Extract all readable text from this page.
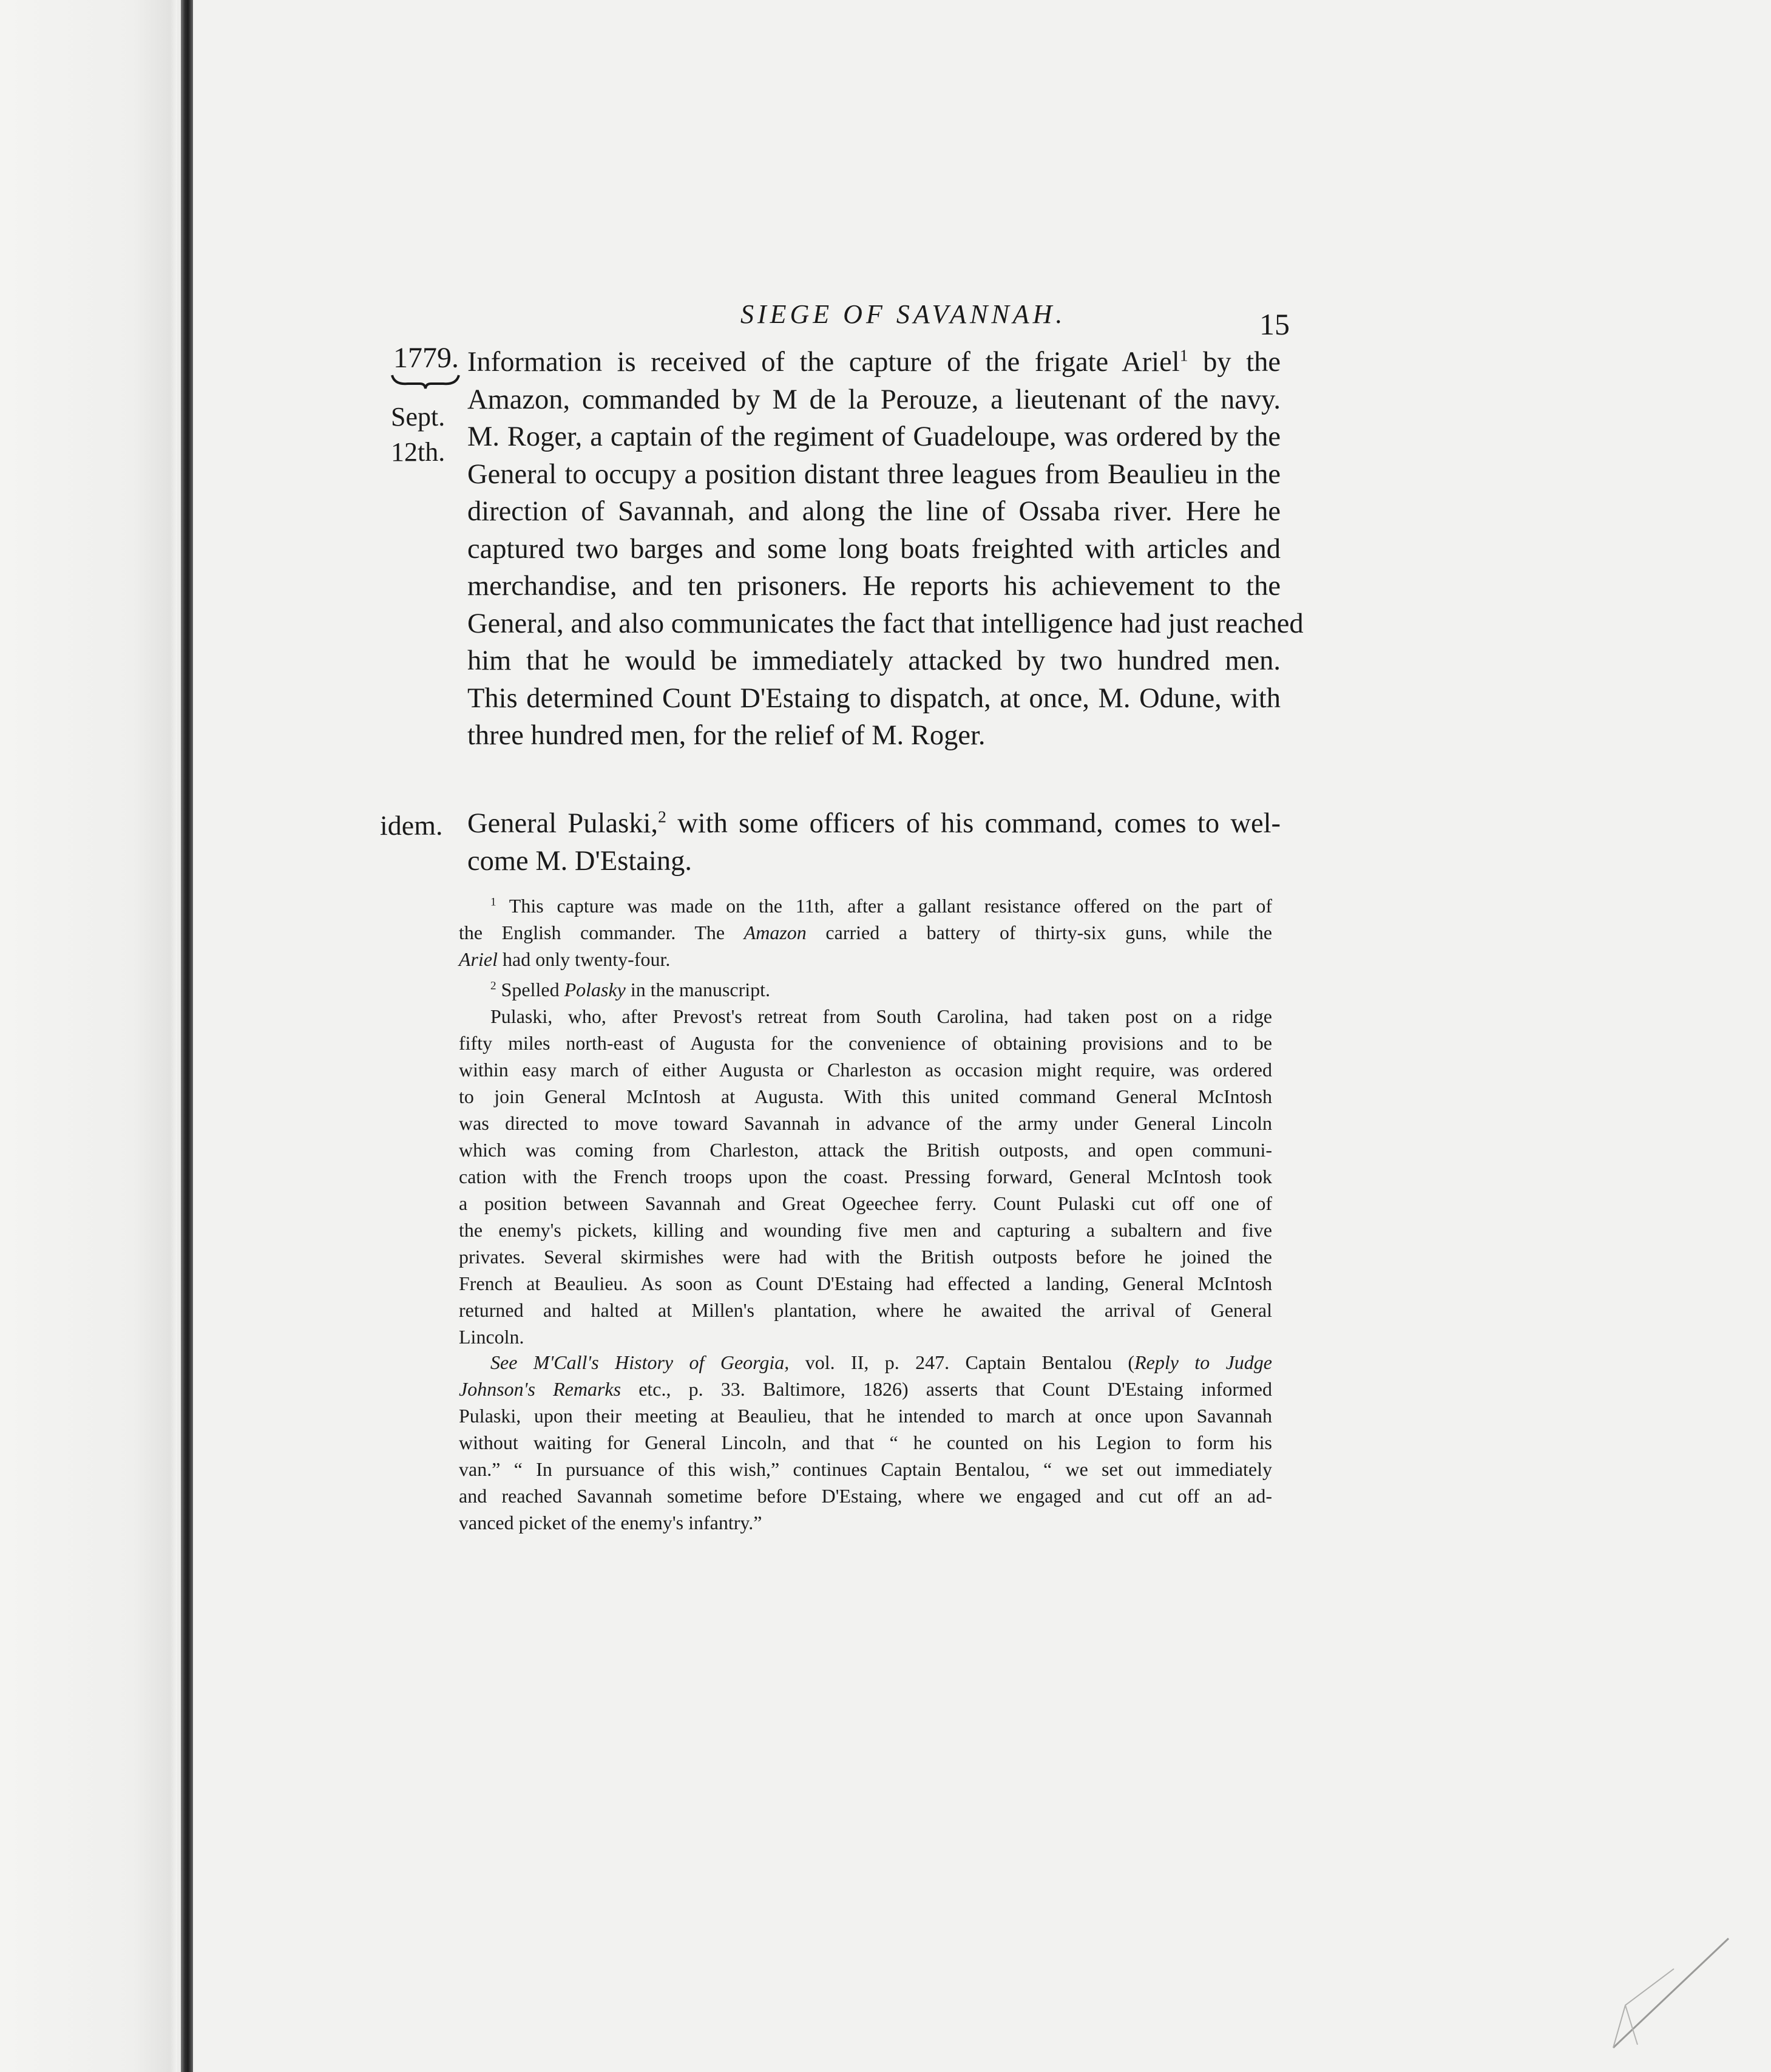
SIEGE OF SAVANNAH.	15
1779.
Sept.
12th.
idem.
Information is received of the capture of the frigate Ariel$^1$ by the
Amazon, commanded by M de la Perouze, a lieutenant of the navy.
M. Roger, a captain of the regiment of Guadeloupe, was ordered by the
General to occupy a position distant three leagues from Beaulieu in the
direction of Savannah, and along the line of Ossaba river. Here he
captured two barges and some long boats freighted with articles and
merchandise, and ten prisoners. He reports his achievement to the
General, and also communicates the fact that intelligence had just reached
him that he would be immediately attacked by two hundred men.
This determined Count D'Estaing to dispatch, at once, M. Odune, with
three hundred men, for the relief of M. Roger.
General Pulaski,$^2$ with some officers of his command, comes to wel-
come M. D'Estaing.
$^1$ This capture was made on the 11th, after a gallant resistance offered on the part of
the English commander. The Amazon carried a battery of thirty-six guns, while the
Ariel had only twenty-four.
$^2$ Spelled Polasky in the manuscript.
Pulaski, who, after Prevost's retreat from South Carolina, had taken post on a ridge
fifty miles north-east of Augusta for the convenience of obtaining provisions and to be
within easy march of either Augusta or Charleston as occasion might require, was ordered
to join General McIntosh at Augusta. With this united command General McIntosh
was directed to move toward Savannah in advance of the army under General Lincoln
which was coming from Charleston, attack the British outposts, and open communi-
cation with the French troops upon the coast. Pressing forward, General McIntosh took
a position between Savannah and Great Ogeechee ferry. Count Pulaski cut off one of
the enemy's pickets, killing and wounding five men and capturing a subaltern and five
privates. Several skirmishes were had with the British outposts before he joined the
French at Beaulieu. As soon as Count D'Estaing had effected a landing, General McIntosh
returned and halted at Millen's plantation, where he awaited the arrival of General
Lincoln.
See M'Call's History of Georgia, vol. II, p. 247. Captain Bentalou (Reply to Judge
Johnson's Remarks etc., p. 33. Baltimore, 1826) asserts that Count D'Estaing informed
Pulaski, upon their meeting at Beaulieu, that he intended to march at once upon Savannah
without waiting for General Lincoln, and that “ he counted on his Legion to form his
van.” “ In pursuance of this wish,” continues Captain Bentalou, “ we set out immediately
and reached Savannah sometime before D'Estaing, where we engaged and cut off an ad-
vanced picket of the enemy's infantry.”
